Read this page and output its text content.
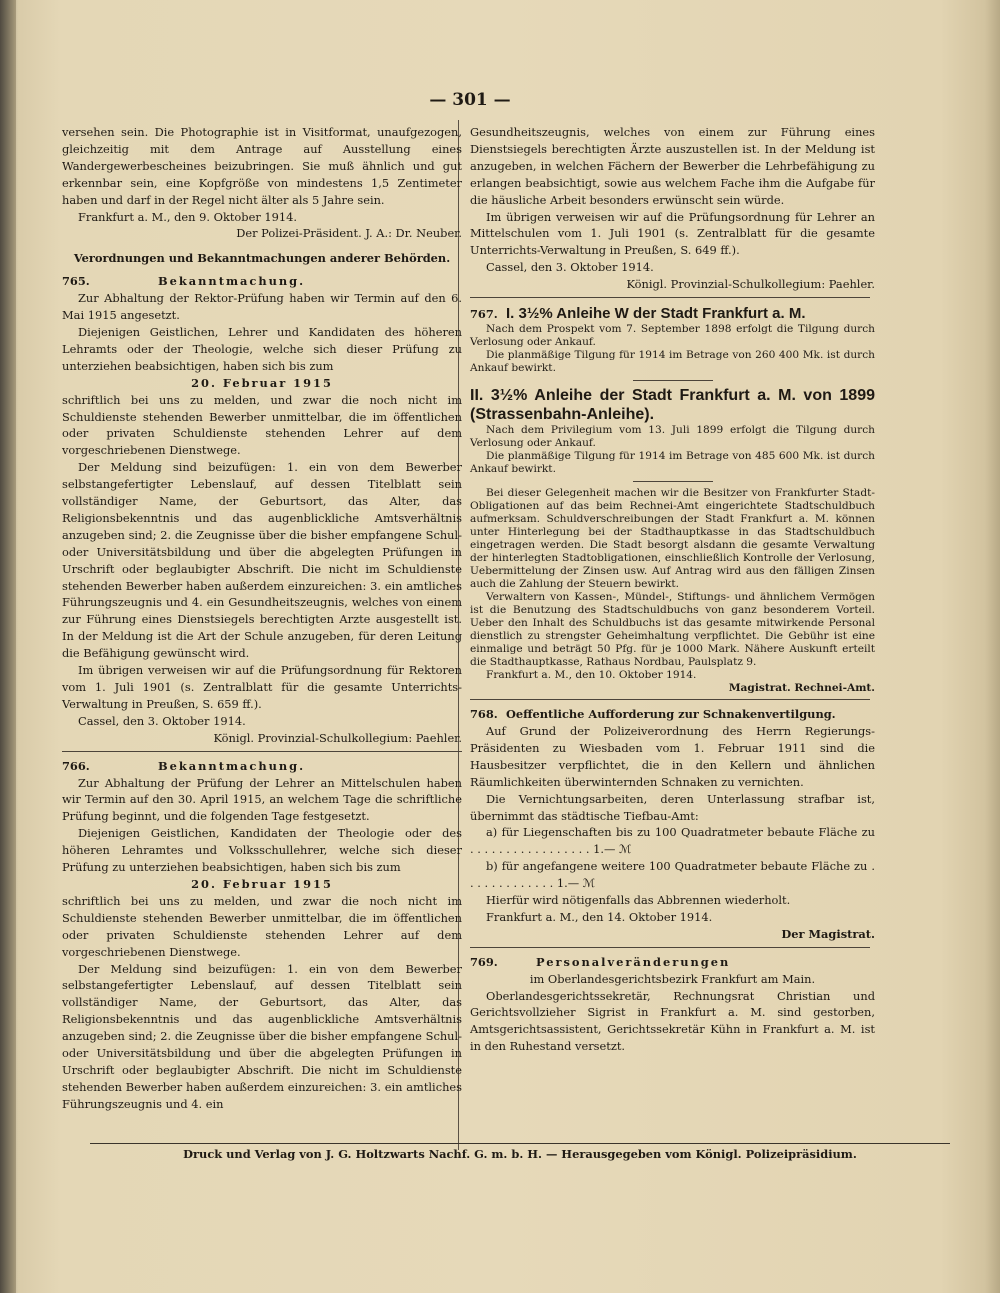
— 301 —

versehen sein. Die Photographie ist in Visitformat, unaufgezogen, gleichzeitig mit dem Antrage auf Ausstellung eines Wandergewerbescheines beizubringen. Sie muß ähnlich und gut erkennbar sein, eine Kopfgröße von mindestens 1,5 Zentimeter haben und darf in der Regel nicht älter als 5 Jahre sein.

Frankfurt a. M., den 9. Oktober 1914.

Der Polizei-Präsident. J. A.: Dr. Neuber.

Verordnungen und Bekanntmachungen anderer Behörden.

765.	Bekanntmachung.

Zur Abhaltung der Rektor-Prüfung haben wir Termin auf den 6. Mai 1915 angesetzt.

Diejenigen Geistlichen, Lehrer und Kandidaten des höheren Lehramts oder der Theologie, welche sich dieser Prüfung zu unterziehen beabsichtigen, haben sich bis zum

20. Februar 1915

schriftlich bei uns zu melden, und zwar die noch nicht im Schuldienste stehenden Bewerber unmittelbar, die im öffentlichen oder privaten Schuldienste stehenden Lehrer auf dem vorgeschriebenen Dienstwege.

Der Meldung sind beizufügen: 1. ein von dem Bewerber selbstangefertigter Lebenslauf, auf dessen Titelblatt sein vollständiger Name, der Geburtsort, das Alter, das Religionsbekenntnis und das augenblickliche Amtsverhältnis anzugeben sind; 2. die Zeugnisse über die bisher empfangene Schul- oder Universitätsbildung und über die abgelegten Prüfungen in Urschrift oder beglaubigter Abschrift. Die nicht im Schuldienste stehenden Bewerber haben außerdem einzureichen: 3. ein amtliches Führungszeugnis und 4. ein Gesundheitszeugnis, welches von einem zur Führung eines Dienstsiegels berechtigten Arzte ausgestellt ist. In der Meldung ist die Art der Schule anzugeben, für deren Leitung die Befähigung gewünscht wird.

Im übrigen verweisen wir auf die Prüfungsordnung für Rektoren vom 1. Juli 1901 (s. Zentralblatt für die gesamte Unterrichts-Verwaltung in Preußen, S. 659 ff.).

Cassel, den 3. Oktober 1914.

Königl. Provinzial-Schulkollegium: Paehler.

766.	Bekanntmachung.

Zur Abhaltung der Prüfung der Lehrer an Mittelschulen haben wir Termin auf den 30. April 1915, an welchem Tage die schriftliche Prüfung beginnt, und die folgenden Tage festgesetzt.

Diejenigen Geistlichen, Kandidaten der Theologie oder des höheren Lehramtes und Volksschullehrer, welche sich dieser Prüfung zu unterziehen beabsichtigen, haben sich bis zum

20. Februar 1915

schriftlich bei uns zu melden, und zwar die noch nicht im Schuldienste stehenden Bewerber unmittelbar, die im öffentlichen oder privaten Schuldienste stehenden Lehrer auf dem vorgeschriebenen Dienstwege.

Der Meldung sind beizufügen: 1. ein von dem Bewerber selbstangefertigter Lebenslauf, auf dessen Titelblatt sein vollständiger Name, der Geburtsort, das Alter, das Religionsbekenntnis und das augenblickliche Amtsverhältnis anzugeben sind; 2. die Zeugnisse über die bisher empfangene Schul- oder Universitätsbildung und über die abgelegten Prüfungen in Urschrift oder beglaubigter Abschrift. Die nicht im Schuldienste stehenden Bewerber haben außerdem einzureichen: 3. ein amtliches Führungszeugnis und 4. ein

Gesundheitszeugnis, welches von einem zur Führung eines Dienstsiegels berechtigten Ärzte auszustellen ist. In der Meldung ist anzugeben, in welchen Fächern der Bewerber die Lehrbefähigung zu erlangen beabsichtigt, sowie aus welchem Fache ihm die Aufgabe für die häusliche Arbeit besonders erwünscht sein würde.

Im übrigen verweisen wir auf die Prüfungsordnung für Lehrer an Mittelschulen vom 1. Juli 1901 (s. Zentralblatt für die gesamte Unterrichts-Verwaltung in Preußen, S. 649 ff.).

Cassel, den 3. Oktober 1914.

Königl. Provinzial-Schulkollegium: Paehler.

767. I. 3½% Anleihe W der Stadt Frankfurt a. M.

Nach dem Prospekt vom 7. September 1898 erfolgt die Tilgung durch Verlosung oder Ankauf.

Die planmäßige Tilgung für 1914 im Betrage von 260 400 Mk. ist durch Ankauf bewirkt.

II. 3½% Anleihe der Stadt Frankfurt a. M. von 1899 (Strassenbahn-Anleihe).

Nach dem Privilegium vom 13. Juli 1899 erfolgt die Tilgung durch Verlosung oder Ankauf.

Die planmäßige Tilgung für 1914 im Betrage von 485 600 Mk. ist durch Ankauf bewirkt.

Bei dieser Gelegenheit machen wir die Besitzer von Frankfurter Stadt-Obligationen auf das beim Rechnei-Amt eingerichtete Stadtschuldbuch aufmerksam. Schuldverschreibungen der Stadt Frankfurt a. M. können unter Hinterlegung bei der Stadthauptkasse in das Stadtschuldbuch eingetragen werden. Die Stadt besorgt alsdann die gesamte Verwaltung der hinterlegten Stadtobligationen, einschließlich Kontrolle der Verlosung, Uebermittelung der Zinsen usw. Auf Antrag wird aus den fälligen Zinsen auch die Zahlung der Steuern bewirkt.

Verwaltern von Kassen-, Mündel-, Stiftungs- und ähnlichem Vermögen ist die Benutzung des Stadtschuldbuchs von ganz besonderem Vorteil. Ueber den Inhalt des Schuldbuchs ist das gesamte mitwirkende Personal dienstlich zu strengster Geheimhaltung verpflichtet. Die Gebühr ist eine einmalige und beträgt 50 Pfg. für je 1000 Mark. Nähere Auskunft erteilt die Stadthauptkasse, Rathaus Nordbau, Paulsplatz 9.

Frankfurt a. M., den 10. Oktober 1914.

Magistrat. Rechnei-Amt.

768. Oeffentliche Aufforderung zur Schnakenvertilgung.

Auf Grund der Polizeiverordnung des Herrn Regierungs-Präsidenten zu Wiesbaden vom 1. Februar 1911 sind die Hausbesitzer verpflichtet, die in den Kellern und ähnlichen Räumlichkeiten überwinternden Schnaken zu vernichten.

Die Vernichtungsarbeiten, deren Unterlassung strafbar ist, übernimmt das städtische Tiefbau-Amt:

a) für Liegenschaften bis zu 100 Quadratmeter bebaute Fläche zu . . . . . . . . . . . . . . . . . 1.— ℳ

b) für angefangene weitere 100 Quadratmeter bebaute Fläche zu . . . . . . . . . . . . . 1.— ℳ

Hierfür wird nötigenfalls das Abbrennen wiederholt.

Frankfurt a. M., den 14. Oktober 1914.

Der Magistrat.

769.	Personalveränderungen

im Oberlandesgerichtsbezirk Frankfurt am Main.

Oberlandesgerichtssekretär, Rechnungsrat Christian und Gerichtsvollzieher Sigrist in Frankfurt a. M. sind gestorben, Amtsgerichtsassistent, Gerichtssekretär Kühn in Frankfurt a. M. ist in den Ruhestand versetzt.

Druck und Verlag von J. G. Holtzwarts Nachf. G. m. b. H. — Herausgegeben vom Königl. Polizeipräsidium.
